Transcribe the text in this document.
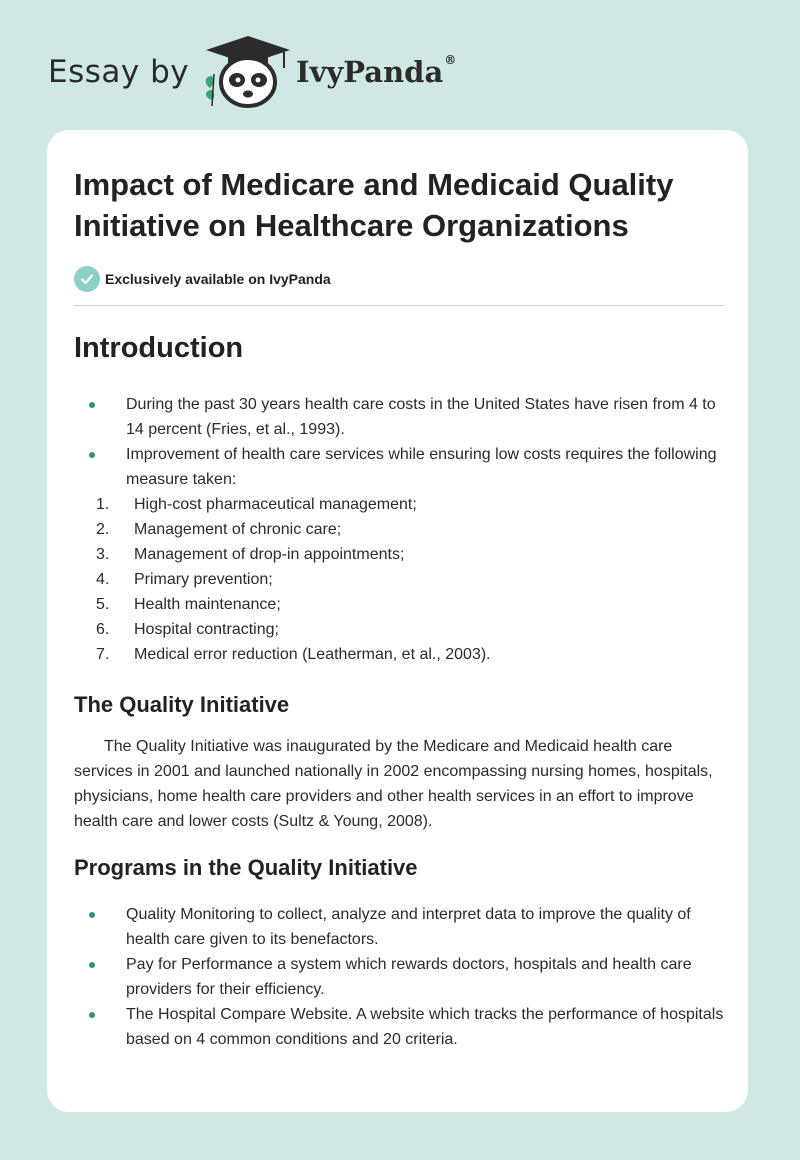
Essay by	IvyPanda®
Impact of Medicare and Medicaid Quality Initiative on Healthcare Organizations
Exclusively available on IvyPanda
Introduction
During the past 30 years health care costs in the United States have risen from 4 to 14 percent (Fries, et al., 1993).
Improvement of health care services while ensuring low costs requires the following measure taken:
1.	High-cost pharmaceutical management;
2.	Management of chronic care;
3.	Management of drop-in appointments;
4.	Primary prevention;
5.	Health maintenance;
6.	Hospital contracting;
7.	Medical error reduction (Leatherman, et al., 2003).
The Quality Initiative

The Quality Initiative was inaugurated by the Medicare and Medicaid health care services in 2001 and launched nationally in 2002 encompassing nursing homes, hospitals, physicians, home health care providers and other health services in an effort to improve health care and lower costs (Sultz & Young, 2008).

Programs in the Quality Initiative
Quality Monitoring to collect, analyze and interpret data to improve the quality of health care given to its benefactors.
Pay for Performance a system which rewards doctors, hospitals and health care providers for their efficiency.
The Hospital Compare Website. A website which tracks the performance of hospitals based on 4 common conditions and 20 criteria.
